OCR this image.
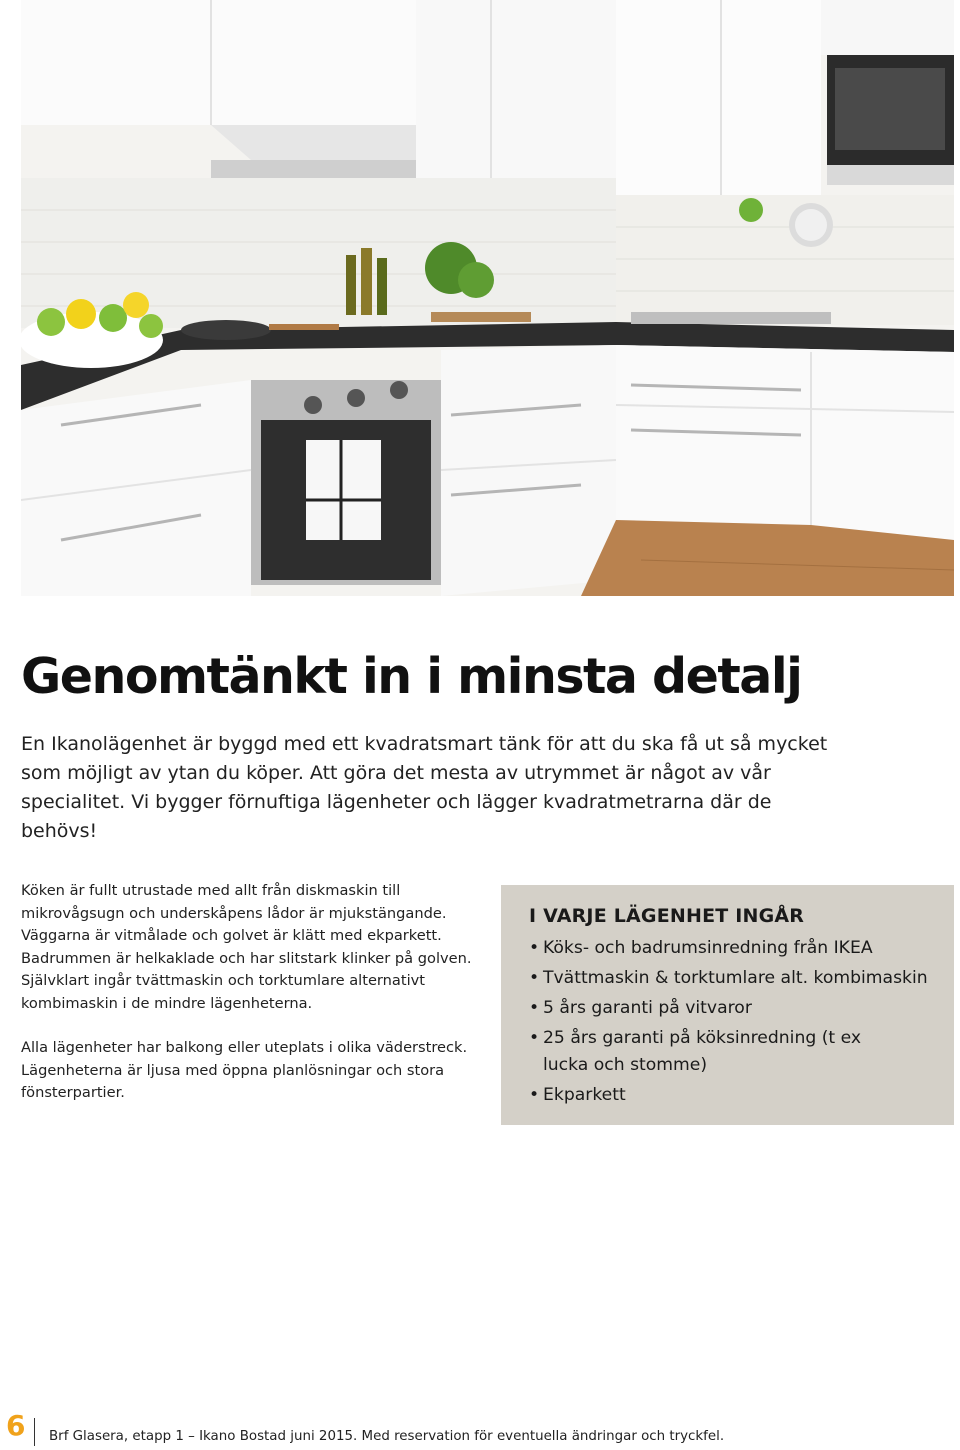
Genomtänkt in i minsta detalj

En Ikanolägenhet är byggd med ett kvadratsmart tänk för att du ska få ut så mycket som möjligt av ytan du köper. Att göra det mesta av utrymmet är något av vår specialitet. Vi bygger förnuftiga lägenheter och lägger kvadratmetrarna där de behövs!

Köken är fullt utrustade med allt från diskmaskin till mikrovågsugn och underskåpens lådor är mjukstängande. Väggarna är vitmålade och golvet är klätt med ekparkett. Badrummen är helkaklade och har slitstark klinker på golven. Självklart ingår tvättmaskin och torktumlare alternativt kombimaskin i de mindre lägenheterna.

Alla lägenheter har balkong eller uteplats i olika väderstreck. Lägenheterna är ljusa med öppna planlösningar och stora fönsterpartier.

I VARJE LÄGENHET INGÅR
• Köks- och badrumsinredning från IKEA
• Tvättmaskin & torktumlare alt. kombimaskin
• 5 års garanti på vitvaror
• 25 års garanti på köksinredning (t ex lucka och stomme)
• Ekparkett
6 Brf Glasera, etapp 1 – Ikano Bostad juni 2015. Med reservation för eventuella ändringar och tryckfel.
